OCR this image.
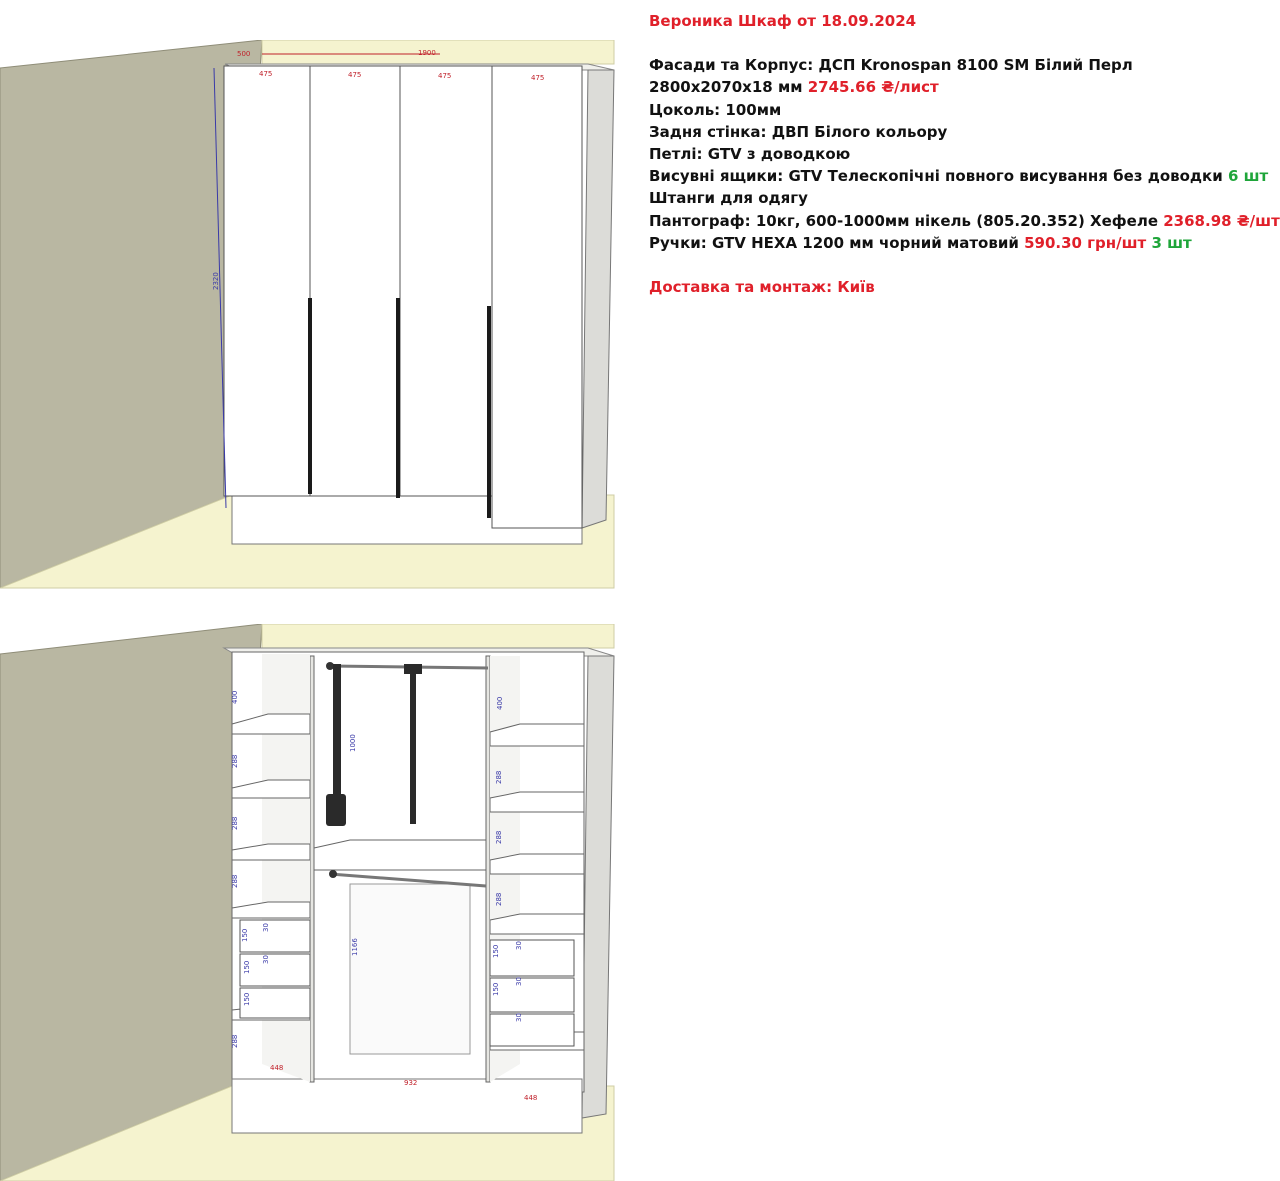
500	1900
2320
475	475	475	475
400
288
288
288
150
30
150
30
150
288
448
1000
1166
932
400
288
288
288
150 30
150
30
30
448
Вероника Шкаф от 18.09.2024
Фасади та Корпус: ДСП Kronospan 8100 SM Білий Перл
2800x2070x18 мм 2745.66 ₴/лист
Цоколь: 100мм
Задня стінка: ДВП Білого кольору
Петлі: GTV з доводкою
Висувні ящики: GTV Телескопічні повного висування без доводки 6 шт
Штанги для одягу
Пантограф: 10кг, 600-1000мм нікель (805.20.352) Хефеле 2368.98 ₴/шт
Ручки: GTV HEXA 1200 мм чорний матовий 590.30 грн/шт 3 шт
Доставка та монтаж: Київ
